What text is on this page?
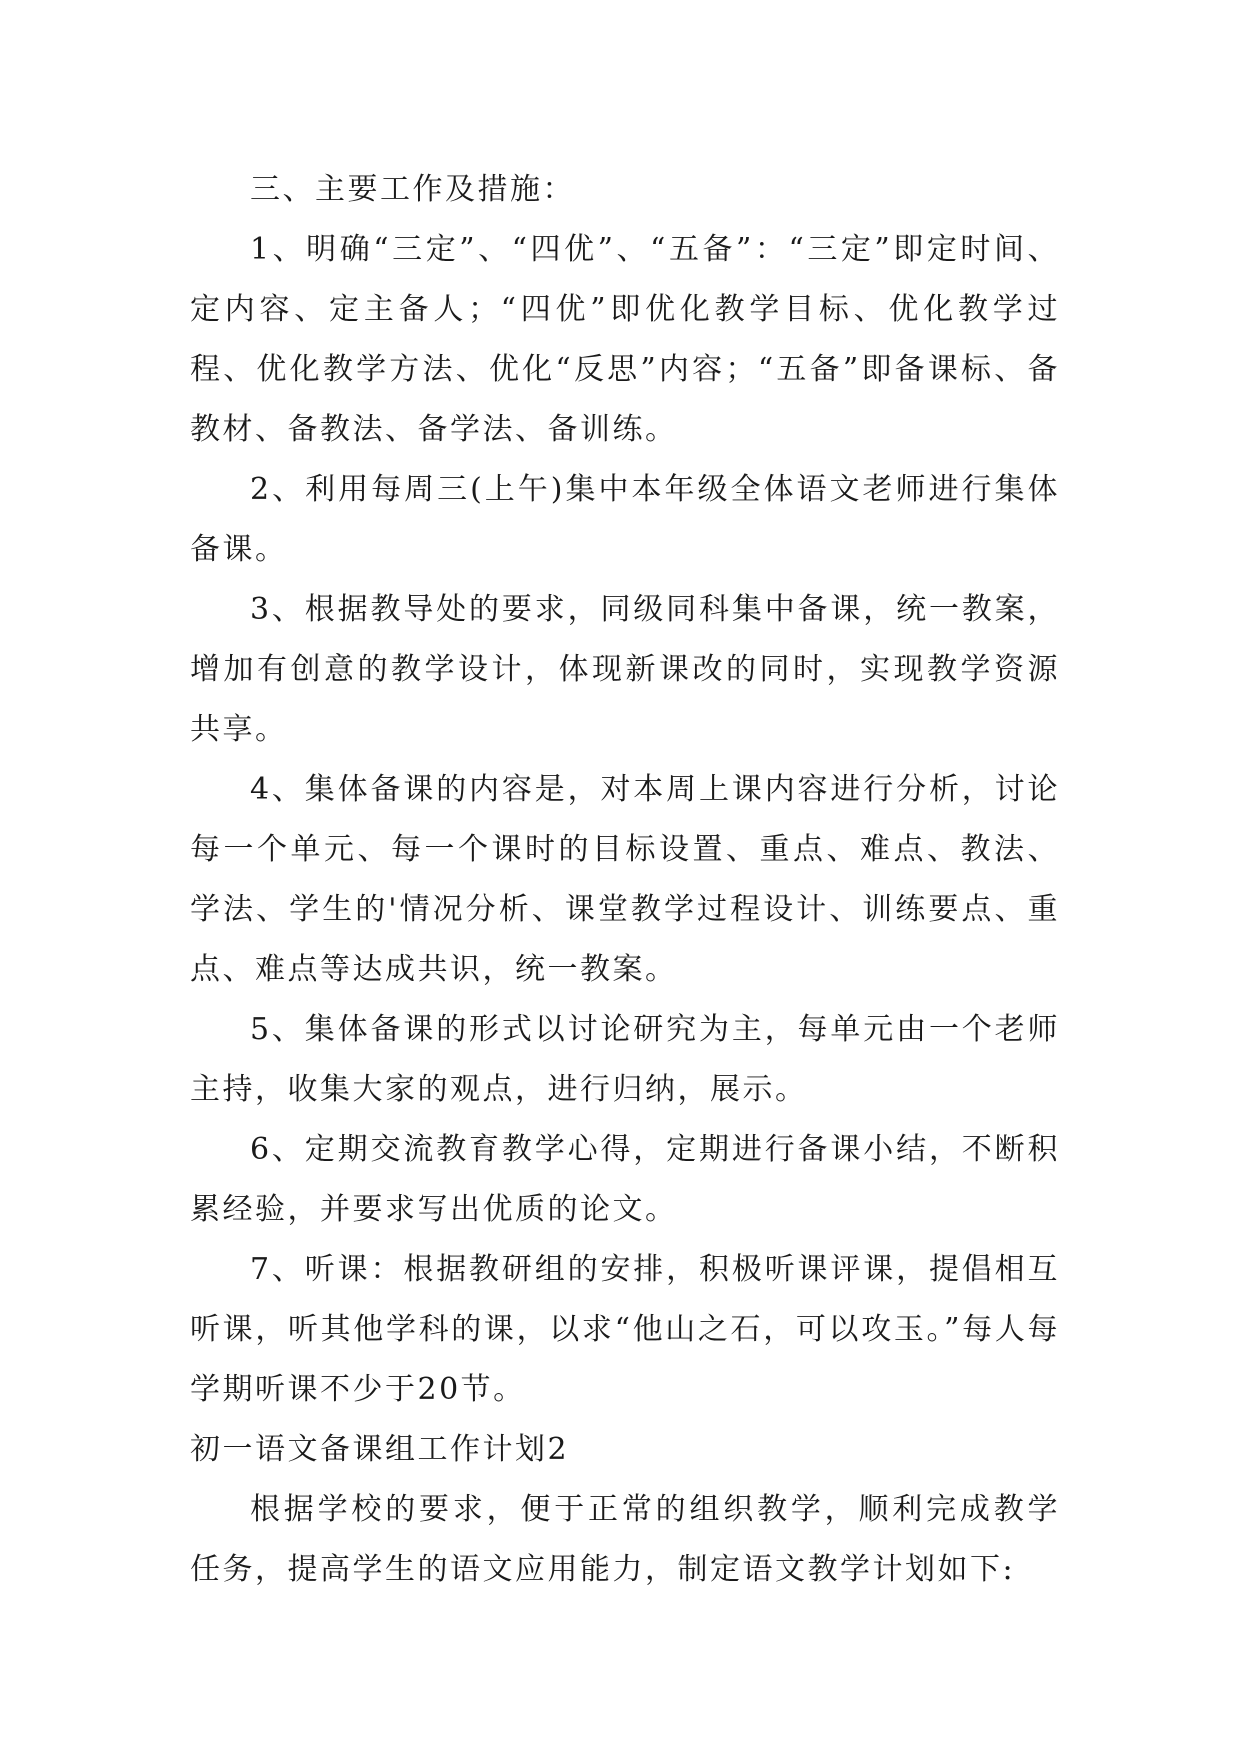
三、主要工作及措施：

1、明确“三定”、“四优”、“五备”：“三定”即定时间、定内容、定主备人；“四优”即优化教学目标、优化教学过程、优化教学方法、优化“反思”内容；“五备”即备课标、备教材、备教法、备学法、备训练。

2、利用每周三(上午)集中本年级全体语文老师进行集体备课。

3、根据教导处的要求，同级同科集中备课，统一教案，增加有创意的教学设计，体现新课改的同时，实现教学资源共享。

4、集体备课的内容是，对本周上课内容进行分析，讨论每一个单元、每一个课时的目标设置、重点、难点、教法、学法、学生的'情况分析、课堂教学过程设计、训练要点、重点、难点等达成共识，统一教案。

5、集体备课的形式以讨论研究为主，每单元由一个老师主持，收集大家的观点，进行归纳，展示。

6、定期交流教育教学心得，定期进行备课小结，不断积累经验，并要求写出优质的论文。

7、听课：根据教研组的安排，积极听课评课，提倡相互听课，听其他学科的课，以求“他山之石，可以攻玉。”每人每学期听课不少于20节。

初一语文备课组工作计划2

根据学校的要求，便于正常的组织教学，顺利完成教学任务，提高学生的语文应用能力，制定语文教学计划如下:
